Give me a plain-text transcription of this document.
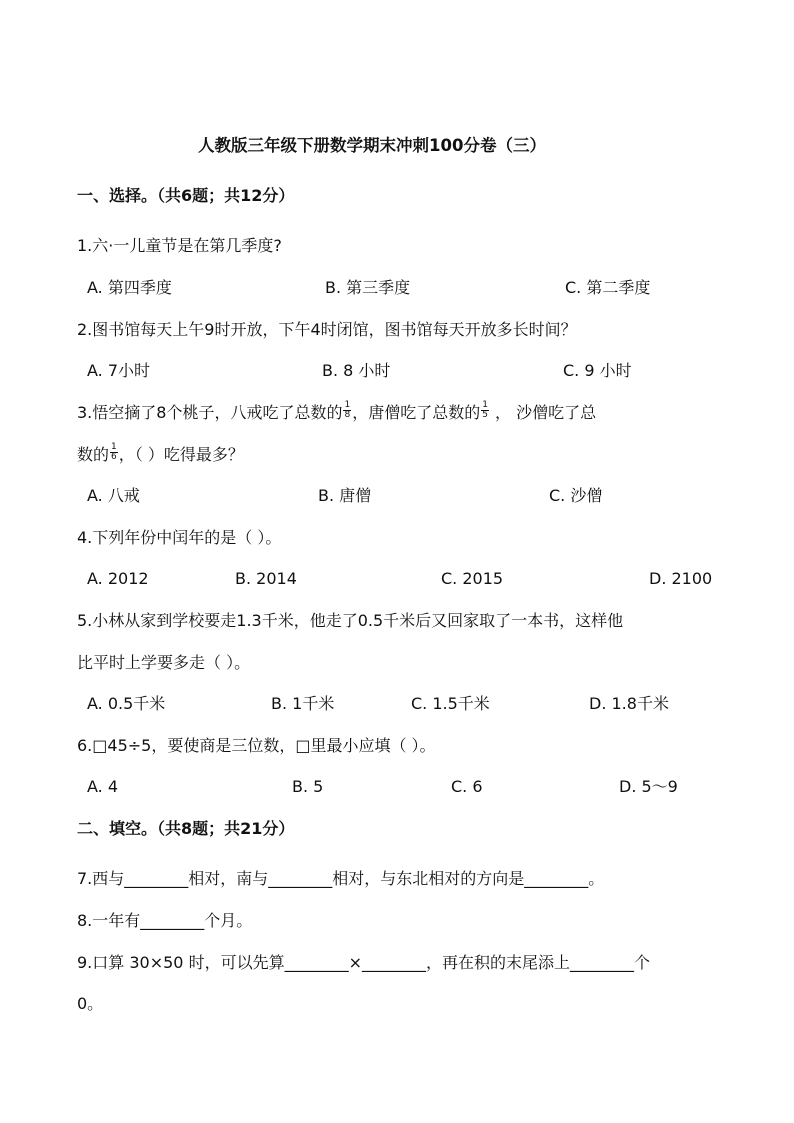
人教版三年级下册数学期末冲刺100分卷（三）
一、选择。（共6题；共12分）
1.六·一儿童节是在第几季度?
A. 第四季度	B. 第三季度	C. 第二季度
2.图书馆每天上午9时开放，下午4时闭馆，图书馆每天开放多长时间？
A. 7小时	B. 8 小时	C. 9 小时
3.悟空摘了8个桃子，八戒吃了总数的 $\frac{1}{8}$ ，唐僧吃了总数的 $\frac{1}{5}$ ， 沙僧吃了总
数的 $\frac{1}{6}$ ，（ ）吃得最多？
A. 八戒	B. 唐僧	C. 沙僧
4.下列年份中闰年的是（ ）。
A. 2012	B. 2014	C. 2015	D. 2100
5.小林从家到学校要走1.3千米，他走了0.5千米后又回家取了一本书，这样他
比平时上学要多走（ ）。
A. 0.5千米	B. 1千米	C. 1.5千米	D. 1.8千米
6.□45÷5，要使商是三位数，□里最小应填（ ）。
A. 4	B. 5	C. 6	D. 5～9
二、填空。（共8题；共21分）
7.西与________相对，南与________相对，与东北相对的方向是________。
8.一年有________个月。
9.口算 30×50 时，可以先算________×________，再在积的末尾添上________个
0。
